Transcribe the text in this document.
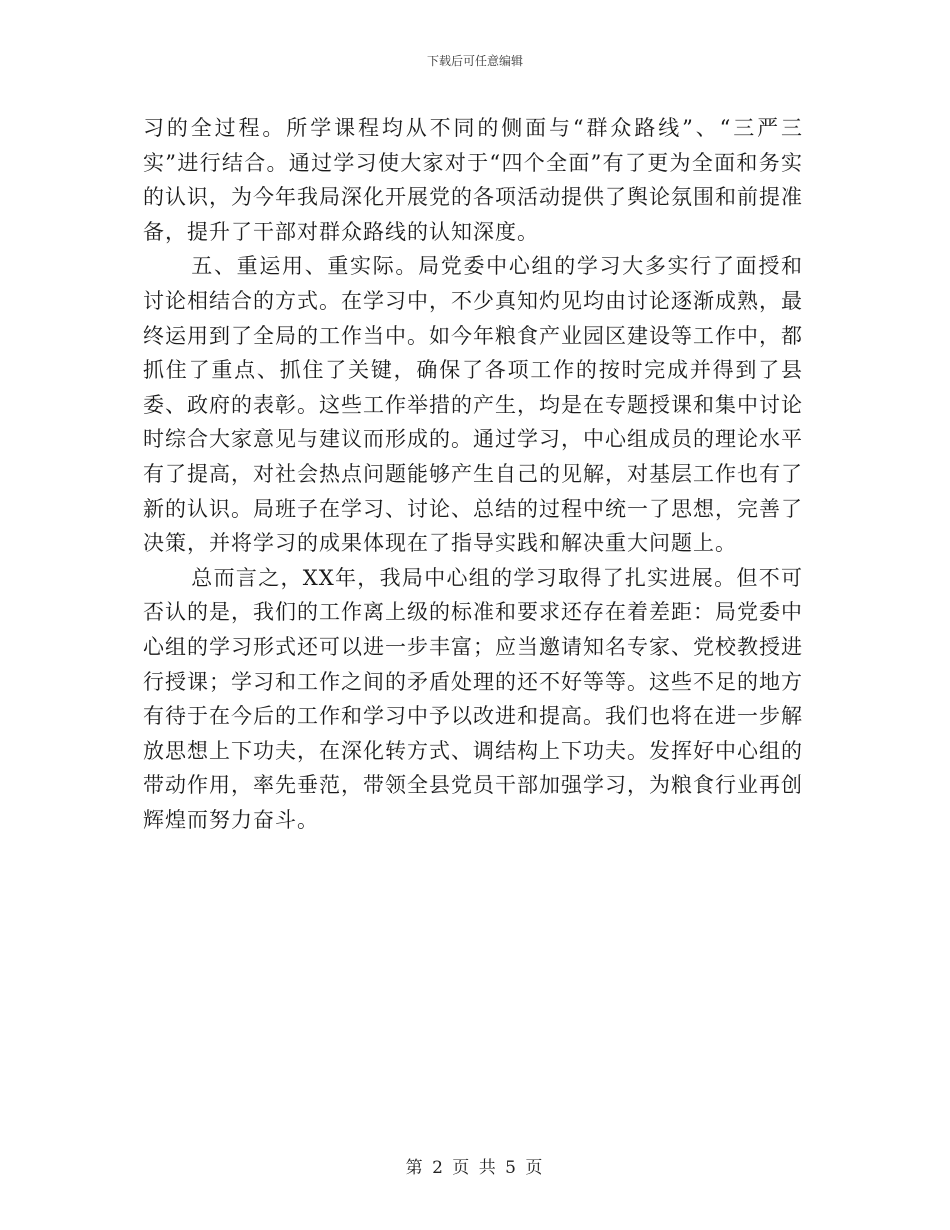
下载后可任意编辑

习的全过程。所学课程均从不同的侧面与“群众路线”、“三严三实”进行结合。通过学习使大家对于“四个全面”有了更为全面和务实的认识，为今年我局深化开展党的各项活动提供了舆论氛围和前提准备，提升了干部对群众路线的认知深度。

五、重运用、重实际。局党委中心组的学习大多实行了面授和讨论相结合的方式。在学习中，不少真知灼见均由讨论逐渐成熟，最终运用到了全局的工作当中。如今年粮食产业园区建设等工作中，都抓住了重点、抓住了关键，确保了各项工作的按时完成并得到了县委、政府的表彰。这些工作举措的产生，均是在专题授课和集中讨论时综合大家意见与建议而形成的。通过学习，中心组成员的理论水平有了提高，对社会热点问题能够产生自己的见解，对基层工作也有了新的认识。局班子在学习、讨论、总结的过程中统一了思想，完善了决策，并将学习的成果体现在了指导实践和解决重大问题上。

总而言之，XX年，我局中心组的学习取得了扎实进展。但不可否认的是，我们的工作离上级的标准和要求还存在着差距：局党委中心组的学习形式还可以进一步丰富；应当邀请知名专家、党校教授进行授课；学习和工作之间的矛盾处理的还不好等等。这些不足的地方有待于在今后的工作和学习中予以改进和提高。我们也将在进一步解放思想上下功夫，在深化转方式、调结构上下功夫。发挥好中心组的带动作用，率先垂范，带领全县党员干部加强学习，为粮食行业再创辉煌而努力奋斗。

第 2 页 共 5 页
